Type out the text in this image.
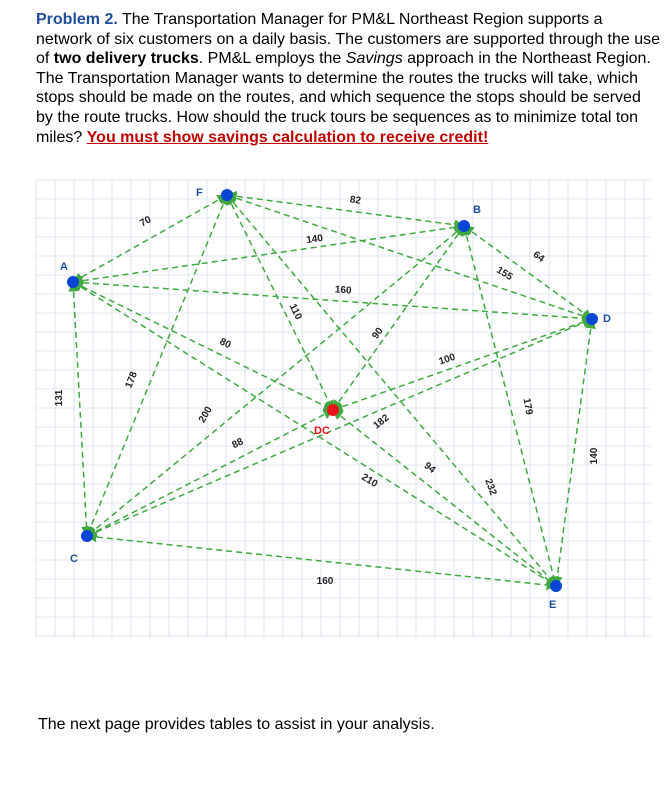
Problem 2. The Transportation Manager for PM&L Northeast Region supports a network of six customers on a daily basis. The customers are supported through the use of two delivery trucks. PM&L employs the Savings approach in the Northeast Region. The Transportation Manager wants to determine the routes the trucks will take, which stops should be made on the routes, and which sequence the stops should be served by the route trucks. How should the truck tours be sequences as to minimize total ton miles? You must show savings calculation to receive credit!
82
140
70
160
64
110
90
131
178
80
200
88
100
94
210
179
182
232
160
140
155
A
B
C
D
E
F
DC
The next page provides tables to assist in your analysis.
